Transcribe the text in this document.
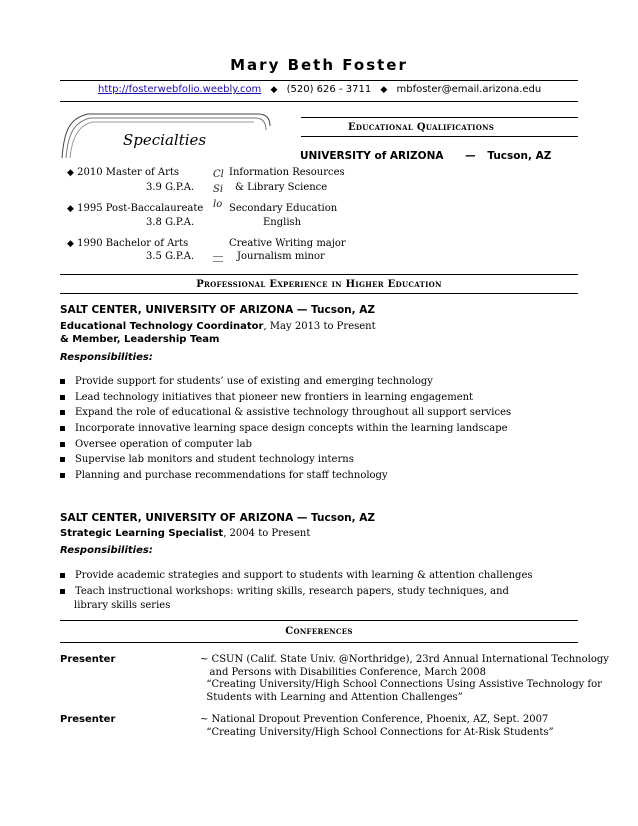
Mary Beth Foster
http://fosterwebfolio.weebly.com ◆ (520) 626 - 3711 ◆ mbfoster@email.arizona.edu
Specialties
Educational Qualifications
UNIVERSITY of ARIZONA — Tucson, AZ
Cl
Si
lo
◆ 2010 Master of Arts
3.9 G.P.A.
Information Resources
& Library Science
◆ 1995 Post-Baccalaureate
3.8 G.P.A.
Secondary Education
English
◆ 1990 Bachelor of Arts
3.5 G.P.A.
Creative Writing major
Journalism minor
Professional Experience in Higher Education
SALT CENTER, UNIVERSITY OF ARIZONA — Tucson, AZ
Educational Technology Coordinator, May 2013 to Present
& Member, Leadership Team
Responsibilities:
Provide support for students’ use of existing and emerging technology
Lead technology initiatives that pioneer new frontiers in learning engagement
Expand the role of educational & assistive technology throughout all support services
Incorporate innovative learning space design concepts within the learning landscape
Oversee operation of computer lab
Supervise lab monitors and student technology interns
Planning and purchase recommendations for staff technology
SALT CENTER, UNIVERSITY OF ARIZONA — Tucson, AZ
Strategic Learning Specialist, 2004 to Present
Responsibilities:
Provide academic strategies and support to students with learning & attention challenges
Teach instructional workshops: writing skills, research papers, study techniques, and
library skills series
Conferences
Presenter	~ CSUN (Calif. State Univ. @Northridge), 23rd Annual International Technology
and Persons with Disabilities Conference, March 2008
“Creating University/High School Connections Using Assistive Technology for
Students with Learning and Attention Challenges”
Presenter	~ National Dropout Prevention Conference, Phoenix, AZ, Sept. 2007
“Creating University/High School Connections for At-Risk Students”
